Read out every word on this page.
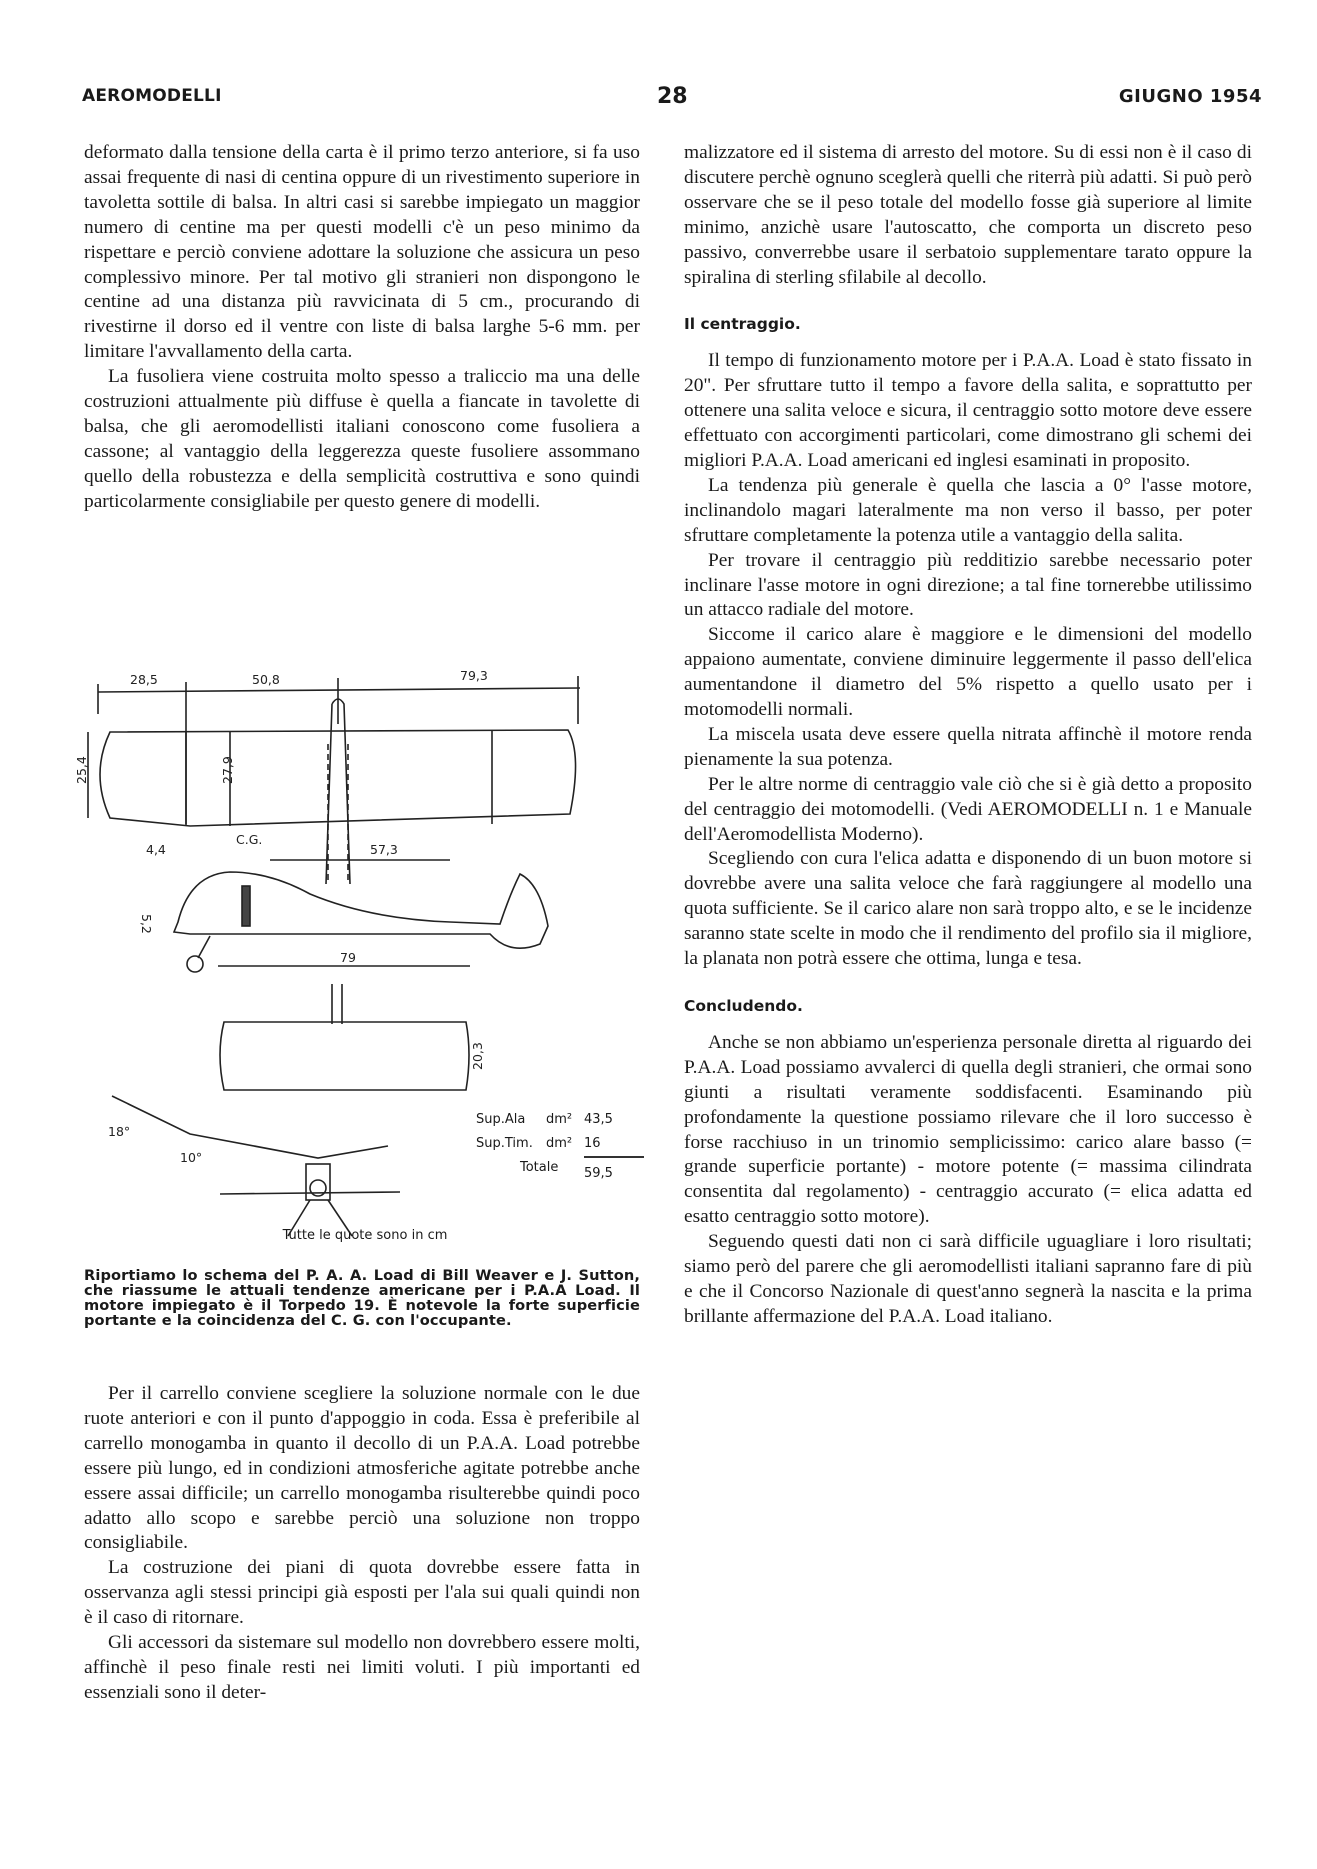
AEROMODELLI	28	GIUGNO 1954

deformato dalla tensione della carta è il primo terzo anteriore, si fa uso assai frequente di nasi di centina oppure di un rivestimento superiore in tavoletta sottile di balsa. In altri casi si sarebbe impiegato un maggior numero di centine ma per questi modelli c'è un peso minimo da rispettare e perciò conviene adottare la soluzione che assicura un peso complessivo minore. Per tal motivo gli stranieri non dispongono le centine ad una distanza più ravvicinata di 5 cm., procurando di rivestirne il dorso ed il ventre con liste di balsa larghe 5-6 mm. per limitare l'avvallamento della carta.

La fusoliera viene costruita molto spesso a traliccio ma una delle costruzioni attualmente più diffuse è quella a fiancate in tavolette di balsa, che gli aeromodellisti italiani conoscono come fusoliera a cassone; al vantaggio della leggerezza queste fusoliere assommano quello della robustezza e della semplicità costruttiva e sono quindi particolarmente consigliabile per questo genere di modelli.

28,5	50,8	79,3
25,4	27,9
C.G.
4,4	57,3
5,2
79
20,3
18°
10°
Sup.Ala	dm² 43,5
Sup.Tim.	dm² 16
Totale 59,5
Tutte le quote sono in cm
Riportiamo lo schema del P. A. A. Load di Bill Weaver e J. Sutton, che riassume le attuali tendenze americane per i P.A.A Load. Il motore impiegato è il Torpedo 19. È notevole la forte superficie portante e la coincidenza del C. G. con l'occupante.

Per il carrello conviene scegliere la soluzione normale con le due ruote anteriori e con il punto d'appoggio in coda. Essa è preferibile al carrello monogamba in quanto il decollo di un P.A.A. Load potrebbe essere più lungo, ed in condizioni atmosferiche agitate potrebbe anche essere assai difficile; un carrello monogamba risulterebbe quindi poco adatto allo scopo e sarebbe perciò una soluzione non troppo consigliabile.

La costruzione dei piani di quota dovrebbe essere fatta in osservanza agli stessi principi già esposti per l'ala sui quali quindi non è il caso di ritornare.

Gli accessori da sistemare sul modello non dovrebbero essere molti, affinchè il peso finale resti nei limiti voluti. I più importanti ed essenziali sono il deter-

malizzatore ed il sistema di arresto del motore. Su di essi non è il caso di discutere perchè ognuno sceglerà quelli che riterrà più adatti. Si può però osservare che se il peso totale del modello fosse già superiore al limite minimo, anzichè usare l'autoscatto, che comporta un discreto peso passivo, converrebbe usare il serbatoio supplementare tarato oppure la spiralina di sterling sfilabile al decollo.

Il centraggio.

Il tempo di funzionamento motore per i P.A.A. Load è stato fissato in 20". Per sfruttare tutto il tempo a favore della salita, e soprattutto per ottenere una salita veloce e sicura, il centraggio sotto motore deve essere effettuato con accorgimenti particolari, come dimostrano gli schemi dei migliori P.A.A. Load americani ed inglesi esaminati in proposito.

La tendenza più generale è quella che lascia a 0° l'asse motore, inclinandolo magari lateralmente ma non verso il basso, per poter sfruttare completamente la potenza utile a vantaggio della salita.

Per trovare il centraggio più redditizio sarebbe necessario poter inclinare l'asse motore in ogni direzione; a tal fine tornerebbe utilissimo un attacco radiale del motore.

Siccome il carico alare è maggiore e le dimensioni del modello appaiono aumentate, conviene diminuire leggermente il passo dell'elica aumentandone il diametro del 5% rispetto a quello usato per i motomodelli normali.

La miscela usata deve essere quella nitrata affinchè il motore renda pienamente la sua potenza.

Per le altre norme di centraggio vale ciò che si è già detto a proposito del centraggio dei motomodelli. (Vedi AEROMODELLI n. 1 e Manuale dell'Aeromodellista Moderno).

Scegliendo con cura l'elica adatta e disponendo di un buon motore si dovrebbe avere una salita veloce che farà raggiungere al modello una quota sufficiente. Se il carico alare non sarà troppo alto, e se le incidenze saranno state scelte in modo che il rendimento del profilo sia il migliore, la planata non potrà essere che ottima, lunga e tesa.

Concludendo.

Anche se non abbiamo un'esperienza personale diretta al riguardo dei P.A.A. Load possiamo avvalerci di quella degli stranieri, che ormai sono giunti a risultati veramente soddisfacenti. Esaminando più profondamente la questione possiamo rilevare che il loro successo è forse racchiuso in un trinomio semplicissimo: carico alare basso (= grande superficie portante) - motore potente (= massima cilindrata consentita dal regolamento) - centraggio accurato (= elica adatta ed esatto centraggio sotto motore).

Seguendo questi dati non ci sarà difficile uguagliare i loro risultati; siamo però del parere che gli aeromodellisti italiani sapranno fare di più e che il Concorso Nazionale di quest'anno segnerà la nascita e la prima brillante affermazione del P.A.A. Load italiano.
